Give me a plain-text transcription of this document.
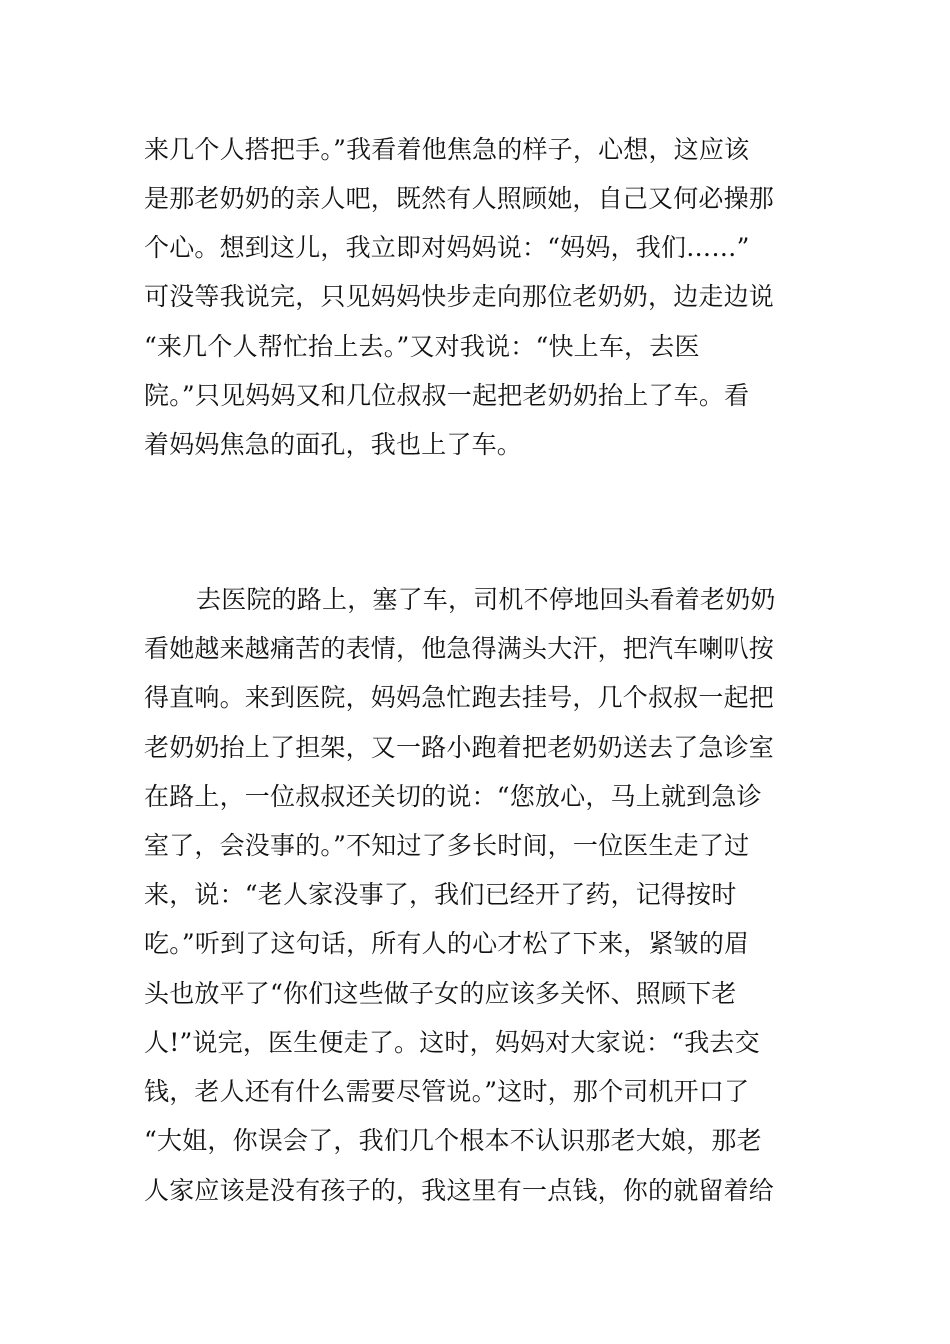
来几个人搭把手。”我看着他焦急的样子，心想，这应该
是那老奶奶的亲人吧，既然有人照顾她，自己又何必操那
个心。想到这儿，我立即对妈妈说：“妈妈，我们……”
可没等我说完，只见妈妈快步走向那位老奶奶，边走边说
“来几个人帮忙抬上去。”又对我说：“快上车，去医
院。”只见妈妈又和几位叔叔一起把老奶奶抬上了车。看
着妈妈焦急的面孔，我也上了车。
去医院的路上，塞了车，司机不停地回头看着老奶奶
看她越来越痛苦的表情，他急得满头大汗，把汽车喇叭按
得直响。来到医院，妈妈急忙跑去挂号，几个叔叔一起把
老奶奶抬上了担架，又一路小跑着把老奶奶送去了急诊室
在路上，一位叔叔还关切的说：“您放心，马上就到急诊
室了，会没事的。”不知过了多长时间，一位医生走了过
来，说：“老人家没事了，我们已经开了药，记得按时
吃。”听到了这句话，所有人的心才松了下来，紧皱的眉
头也放平了“你们这些做子女的应该多关怀、照顾下老
人!”说完，医生便走了。这时，妈妈对大家说：“我去交
钱，老人还有什么需要尽管说。”这时，那个司机开口了
“大姐，你误会了，我们几个根本不认识那老大娘，那老
人家应该是没有孩子的，我这里有一点钱，你的就留着给
